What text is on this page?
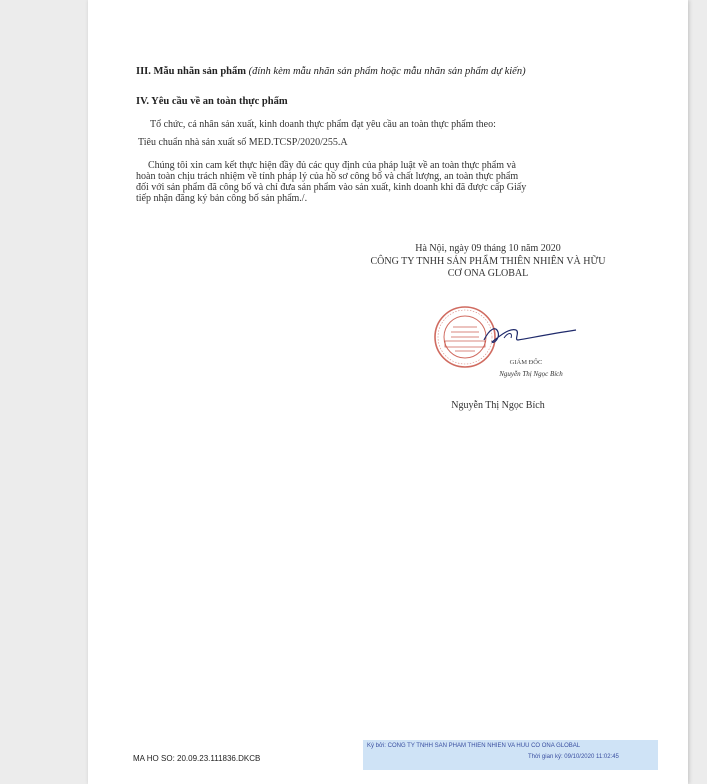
III. Mẫu nhãn sản phẩm (đính kèm mẫu nhãn sản phẩm hoặc mẫu nhãn sản phẩm dự kiến)
IV. Yêu cầu về an toàn thực phẩm
Tổ chức, cá nhân sản xuất, kinh doanh thực phẩm đạt yêu cầu an toàn thực phẩm theo:
Tiêu chuẩn nhà sản xuất số MED.TCSP/2020/255.A
Chúng tôi xin cam kết thực hiện đầy đủ các quy định của pháp luật về an toàn thực phẩm và
hoàn toàn chịu trách nhiệm về tính pháp lý của hồ sơ công bố và chất lượng, an toàn thực phẩm
đối với sản phẩm đã công bố và chỉ đưa sản phẩm vào sản xuất, kinh doanh khi đã được cấp Giấy
tiếp nhận đăng ký bản công bố sản phẩm./.
Hà Nội, ngày 09 tháng 10 năm 2020
CÔNG TY TNHH SẢN PHẨM THIÊN NHIÊN VÀ HỮU
CƠ ONA GLOBAL
GIÁM ĐỐC
Nguyễn Thị Ngọc Bích
Nguyễn Thị Ngọc Bích
MA HO SO: 20.09.23.111836.DKCB
Ký bởi: CONG TY TNHH SAN PHAM THIEN NHIEN VA HUU CO ONA GLOBAL
Thời gian ký: 09/10/2020 11:02:45
